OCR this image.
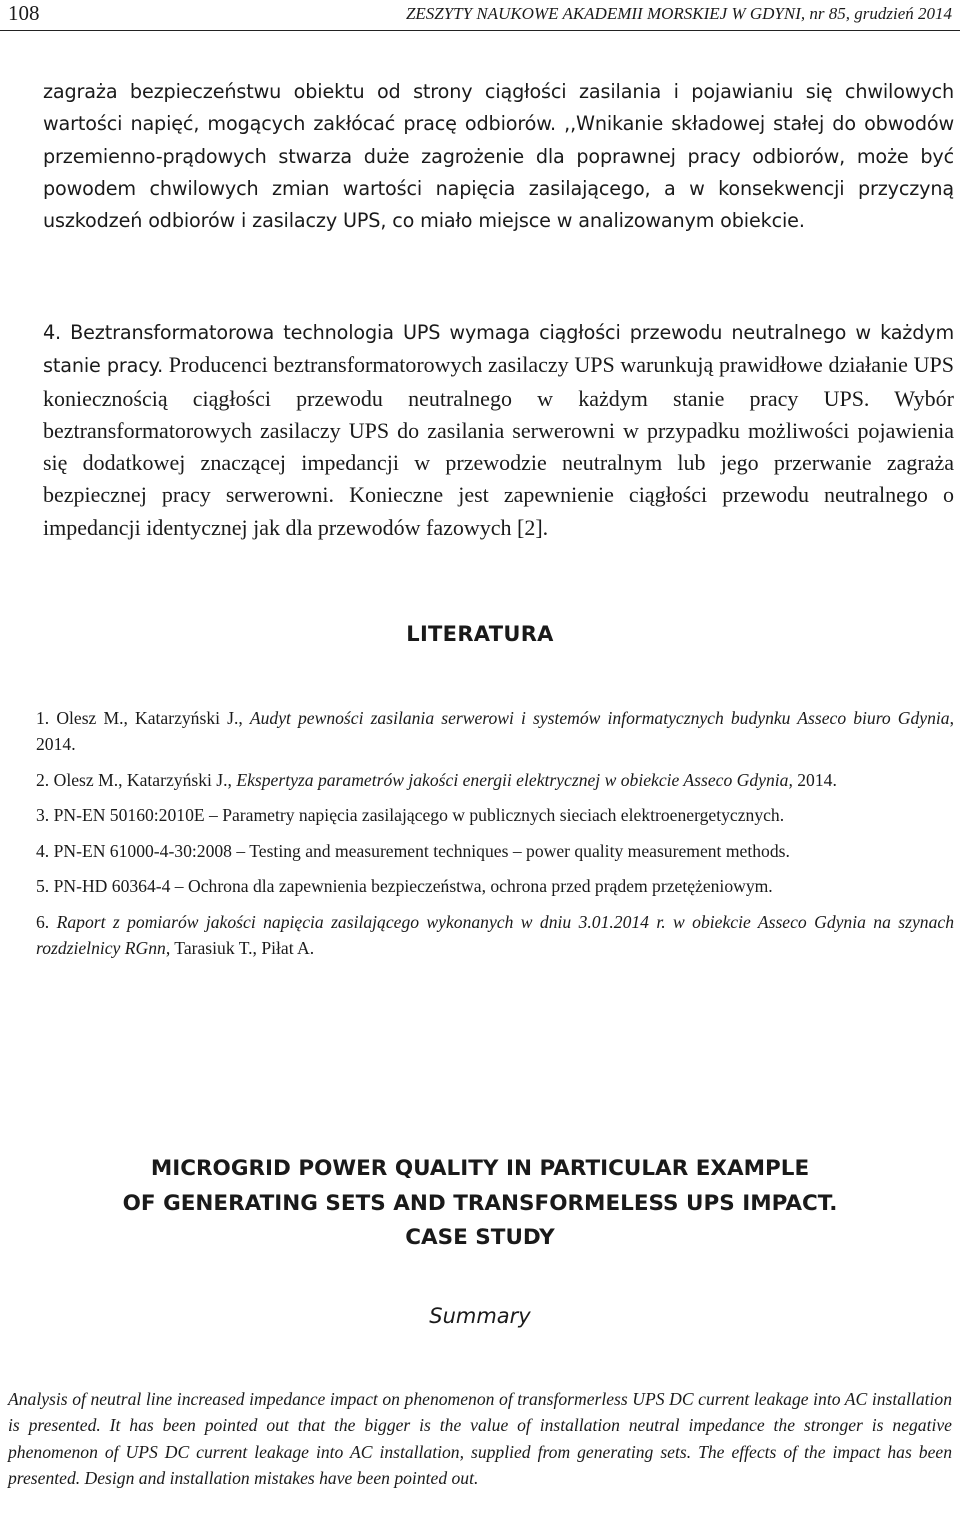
108	ZESZYTY NAUKOWE AKADEMII MORSKIEJ W GDYNI, nr 85, grudzień 2014

zagraża bezpieczeństwu obiektu od strony ciągłości zasilania i pojawianiu się chwilowych wartości napięć, mogących zakłócać pracę odbiorów. ,,Wnikanie składowej stałej do obwodów przemienno-prądowych stwarza duże zagrożenie dla poprawnej pracy odbiorów, może być powodem chwilowych zmian wartości napięcia zasilającego, a w konsekwencji przyczyną uszkodzeń odbiorów i zasilaczy UPS, co miało miejsce w analizowanym obiekcie.

4. Beztransformatorowa technologia UPS wymaga ciągłości przewodu neutralnego w każdym stanie pracy. Producenci beztransformatorowych zasilaczy UPS warunkują prawidłowe działanie UPS koniecznością ciągłości przewodu neutralnego w każdym stanie pracy UPS. Wybór beztransformatorowych zasilaczy UPS do zasilania serwerowni w przypadku możliwości pojawienia się dodatkowej znaczącej impedancji w przewodzie neutralnym lub jego przerwanie zagraża bezpiecznej pracy serwerowni. Konieczne jest zapewnienie ciągłości przewodu neutralnego o impedancji identycznej jak dla przewodów fazowych [2].

LITERATURA
1. Olesz M., Katarzyński J., Audyt pewności zasilania serwerowi i systemów informatycznych budynku Asseco biuro Gdynia, 2014.
2. Olesz M., Katarzyński J., Ekspertyza parametrów jakości energii elektrycznej w obiekcie Asseco Gdynia, 2014.
3. PN-EN 50160:2010E – Parametry napięcia zasilającego w publicznych sieciach elektroenergetycznych.
4. PN-EN 61000-4-30:2008 – Testing and measurement techniques – power quality measurement methods.
5. PN-HD 60364-4 – Ochrona dla zapewnienia bezpieczeństwa, ochrona przed prądem przetężeniowym.
6. Raport z pomiarów jakości napięcia zasilającego wykonanych w dniu 3.01.2014 r. w obiekcie Asseco Gdynia na szynach rozdzielnicy RGnn, Tarasiuk T., Piłat A.
MICROGRID POWER QUALITY IN PARTICULAR EXAMPLE
OF GENERATING SETS AND TRANSFORMELESS UPS IMPACT.
CASE STUDY
Summary

Analysis of neutral line increased impedance impact on phenomenon of transformerless UPS DC current leakage into AC installation is presented. It has been pointed out that the bigger is the value of installation neutral impedance the stronger is negative phenomenon of UPS DC current leakage into AC installation, supplied from generating sets. The effects of the impact has been presented. Design and installation mistakes have been pointed out.
